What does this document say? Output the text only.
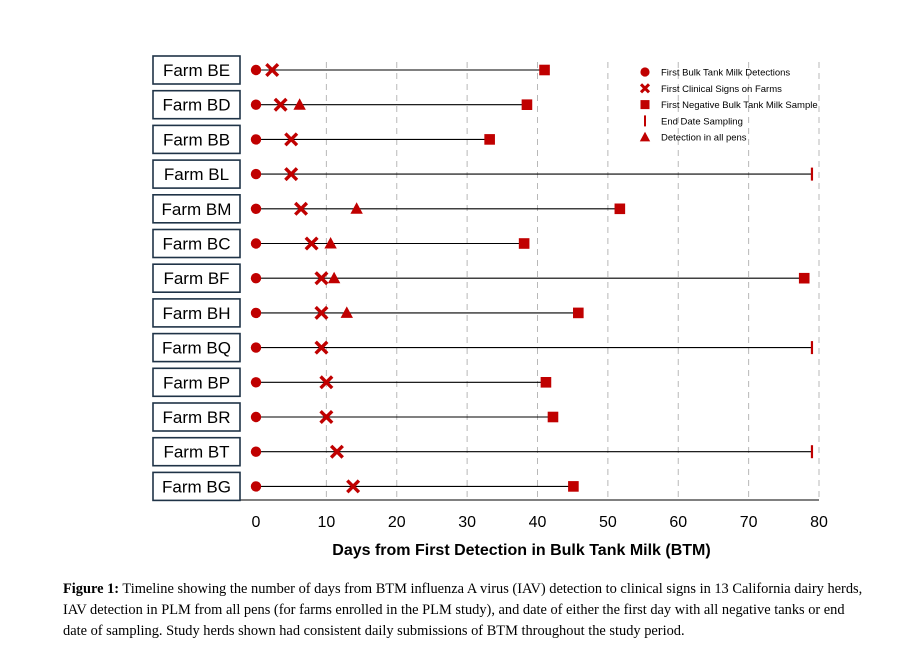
0	10	20	30	40	50	60	70	80
Days from First Detection in Bulk Tank Milk (BTM)
Farm BE
Farm BD
Farm BB
Farm BL
Farm BM
Farm BC
Farm BF
Farm BH
Farm BQ
Farm BP
Farm BR
Farm BT
Farm BG
First Bulk Tank Milk Detections
First Clinical Signs on Farms
First Negative Bulk Tank Milk Sample
End Date Sampling
Detection in all pens
Figure 1: Timeline showing the number of days from BTM influenza A virus (IAV) detection to clinical signs in 13 California dairy herds, IAV detection in PLM from all pens (for farms enrolled in the PLM study), and date of either the first day with all negative tanks or end date of sampling. Study herds shown had consistent daily submissions of BTM throughout the study period.
